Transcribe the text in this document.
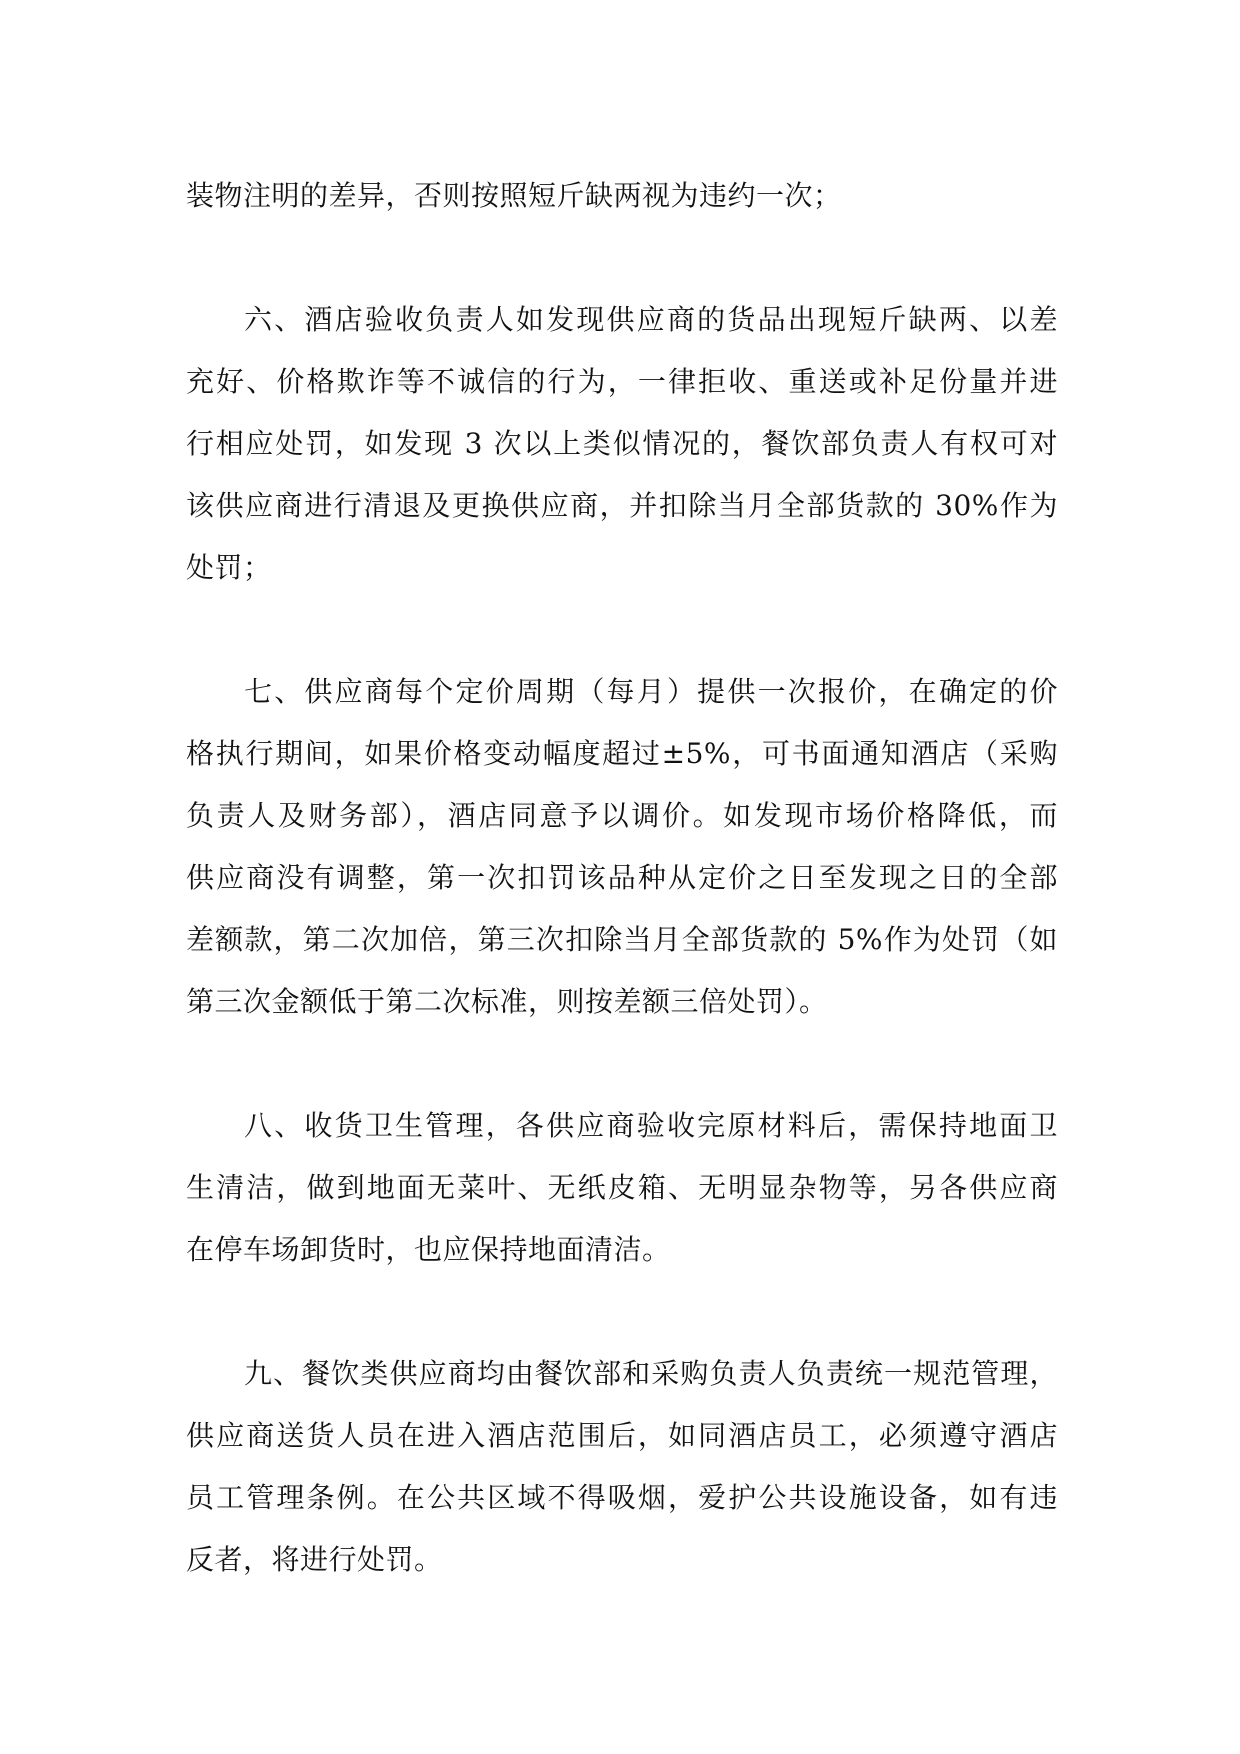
装物注明的差异，否则按照短斤缺两视为违约一次；
六、酒店验收负责人如发现供应商的货品出现短斤缺两、以差
充好、价格欺诈等不诚信的行为，一律拒收、重送或补足份量并进
行相应处罚，如发现 3 次以上类似情况的，餐饮部负责人有权可对
该供应商进行清退及更换供应商，并扣除当月全部货款的 30%作为
处罚；
七、供应商每个定价周期（每月）提供一次报价，在确定的价
格执行期间，如果价格变动幅度超过±5%，可书面通知酒店（采购
负责人及财务部），酒店同意予以调价。如发现市场价格降低，而
供应商没有调整，第一次扣罚该品种从定价之日至发现之日的全部
差额款，第二次加倍，第三次扣除当月全部货款的 5%作为处罚（如
第三次金额低于第二次标准，则按差额三倍处罚）。
八、收货卫生管理，各供应商验收完原材料后，需保持地面卫
生清洁，做到地面无菜叶、无纸皮箱、无明显杂物等，另各供应商
在停车场卸货时，也应保持地面清洁。
九、餐饮类供应商均由餐饮部和采购负责人负责统一规范管理，
供应商送货人员在进入酒店范围后，如同酒店员工，必须遵守酒店
员工管理条例。在公共区域不得吸烟，爱护公共设施设备，如有违
反者，将进行处罚。
